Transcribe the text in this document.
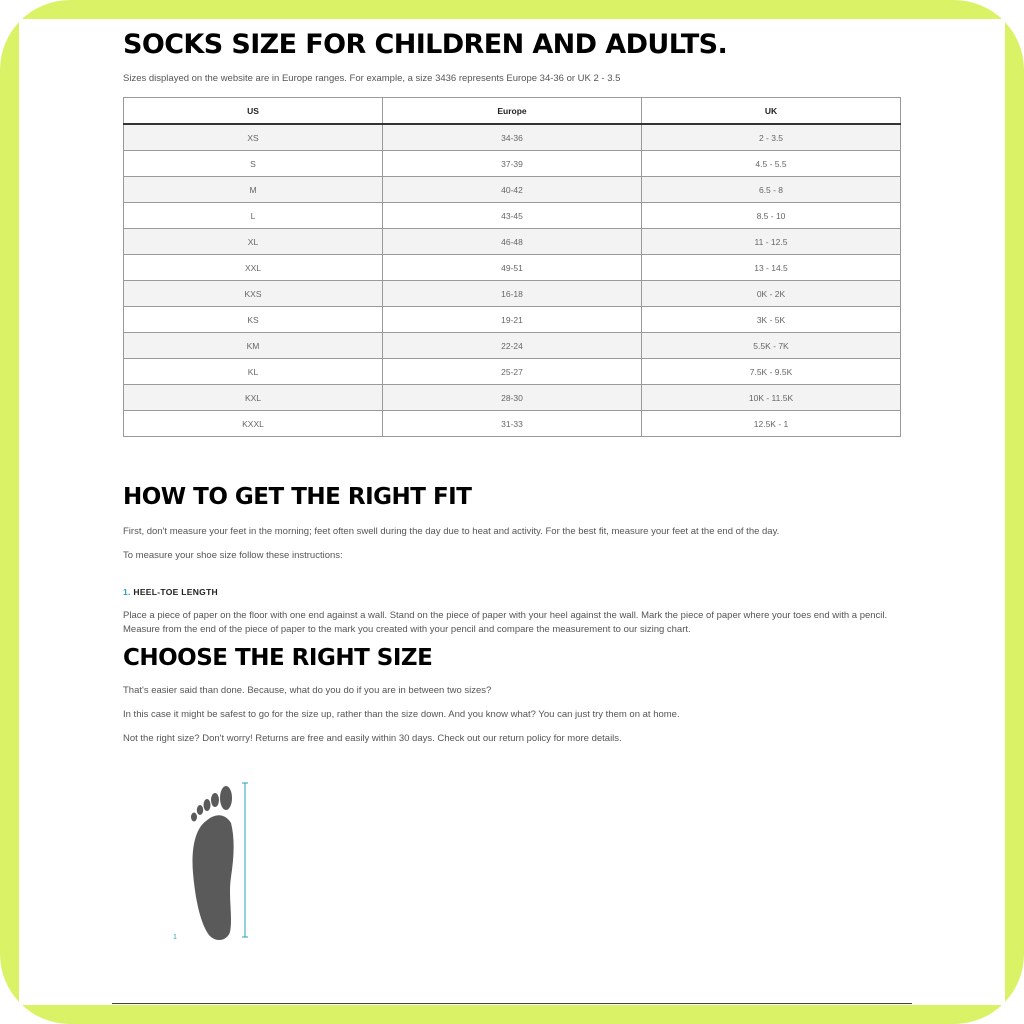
SOCKS SIZE FOR CHILDREN AND ADULTS.
Sizes displayed on the website are in Europe ranges. For example, a size 3436 represents Europe 34-36 or UK 2 - 3.5
US	Europe	UK
XS	34-36	2 - 3.5
S	37-39	4.5 - 5.5
M	40-42	6.5 - 8
L	43-45	8.5 - 10
XL	46-48	11 - 12.5
XXL	49-51	13 - 14.5
KXS	16-18	0K - 2K
KS	19-21	3K - 5K
KM	22-24	5.5K - 7K
KL	25-27	7.5K - 9.5K
KXL	28-30	10K - 11.5K
KXXL	31-33	12.5K - 1
HOW TO GET THE RIGHT FIT

First, don't measure your feet in the morning; feet often swell during the day due to heat and activity. For the best fit, measure your feet at the end of the day.

To measure your shoe size follow these instructions:

1. HEEL-TOE LENGTH

Place a piece of paper on the floor with one end against a wall. Stand on the piece of paper with your heel against the wall. Mark the piece of paper where your toes end with a pencil. Measure from the end of the piece of paper to the mark you created with your pencil and compare the measurement to our sizing chart.

CHOOSE THE RIGHT SIZE

That's easier said than done. Because, what do you do if you are in between two sizes?

In this case it might be safest to go for the size up, rather than the size down. And you know what? You can just try them on at home.

Not the right size? Don't worry! Returns are free and easily within 30 days. Check out our return policy for more details.

1
